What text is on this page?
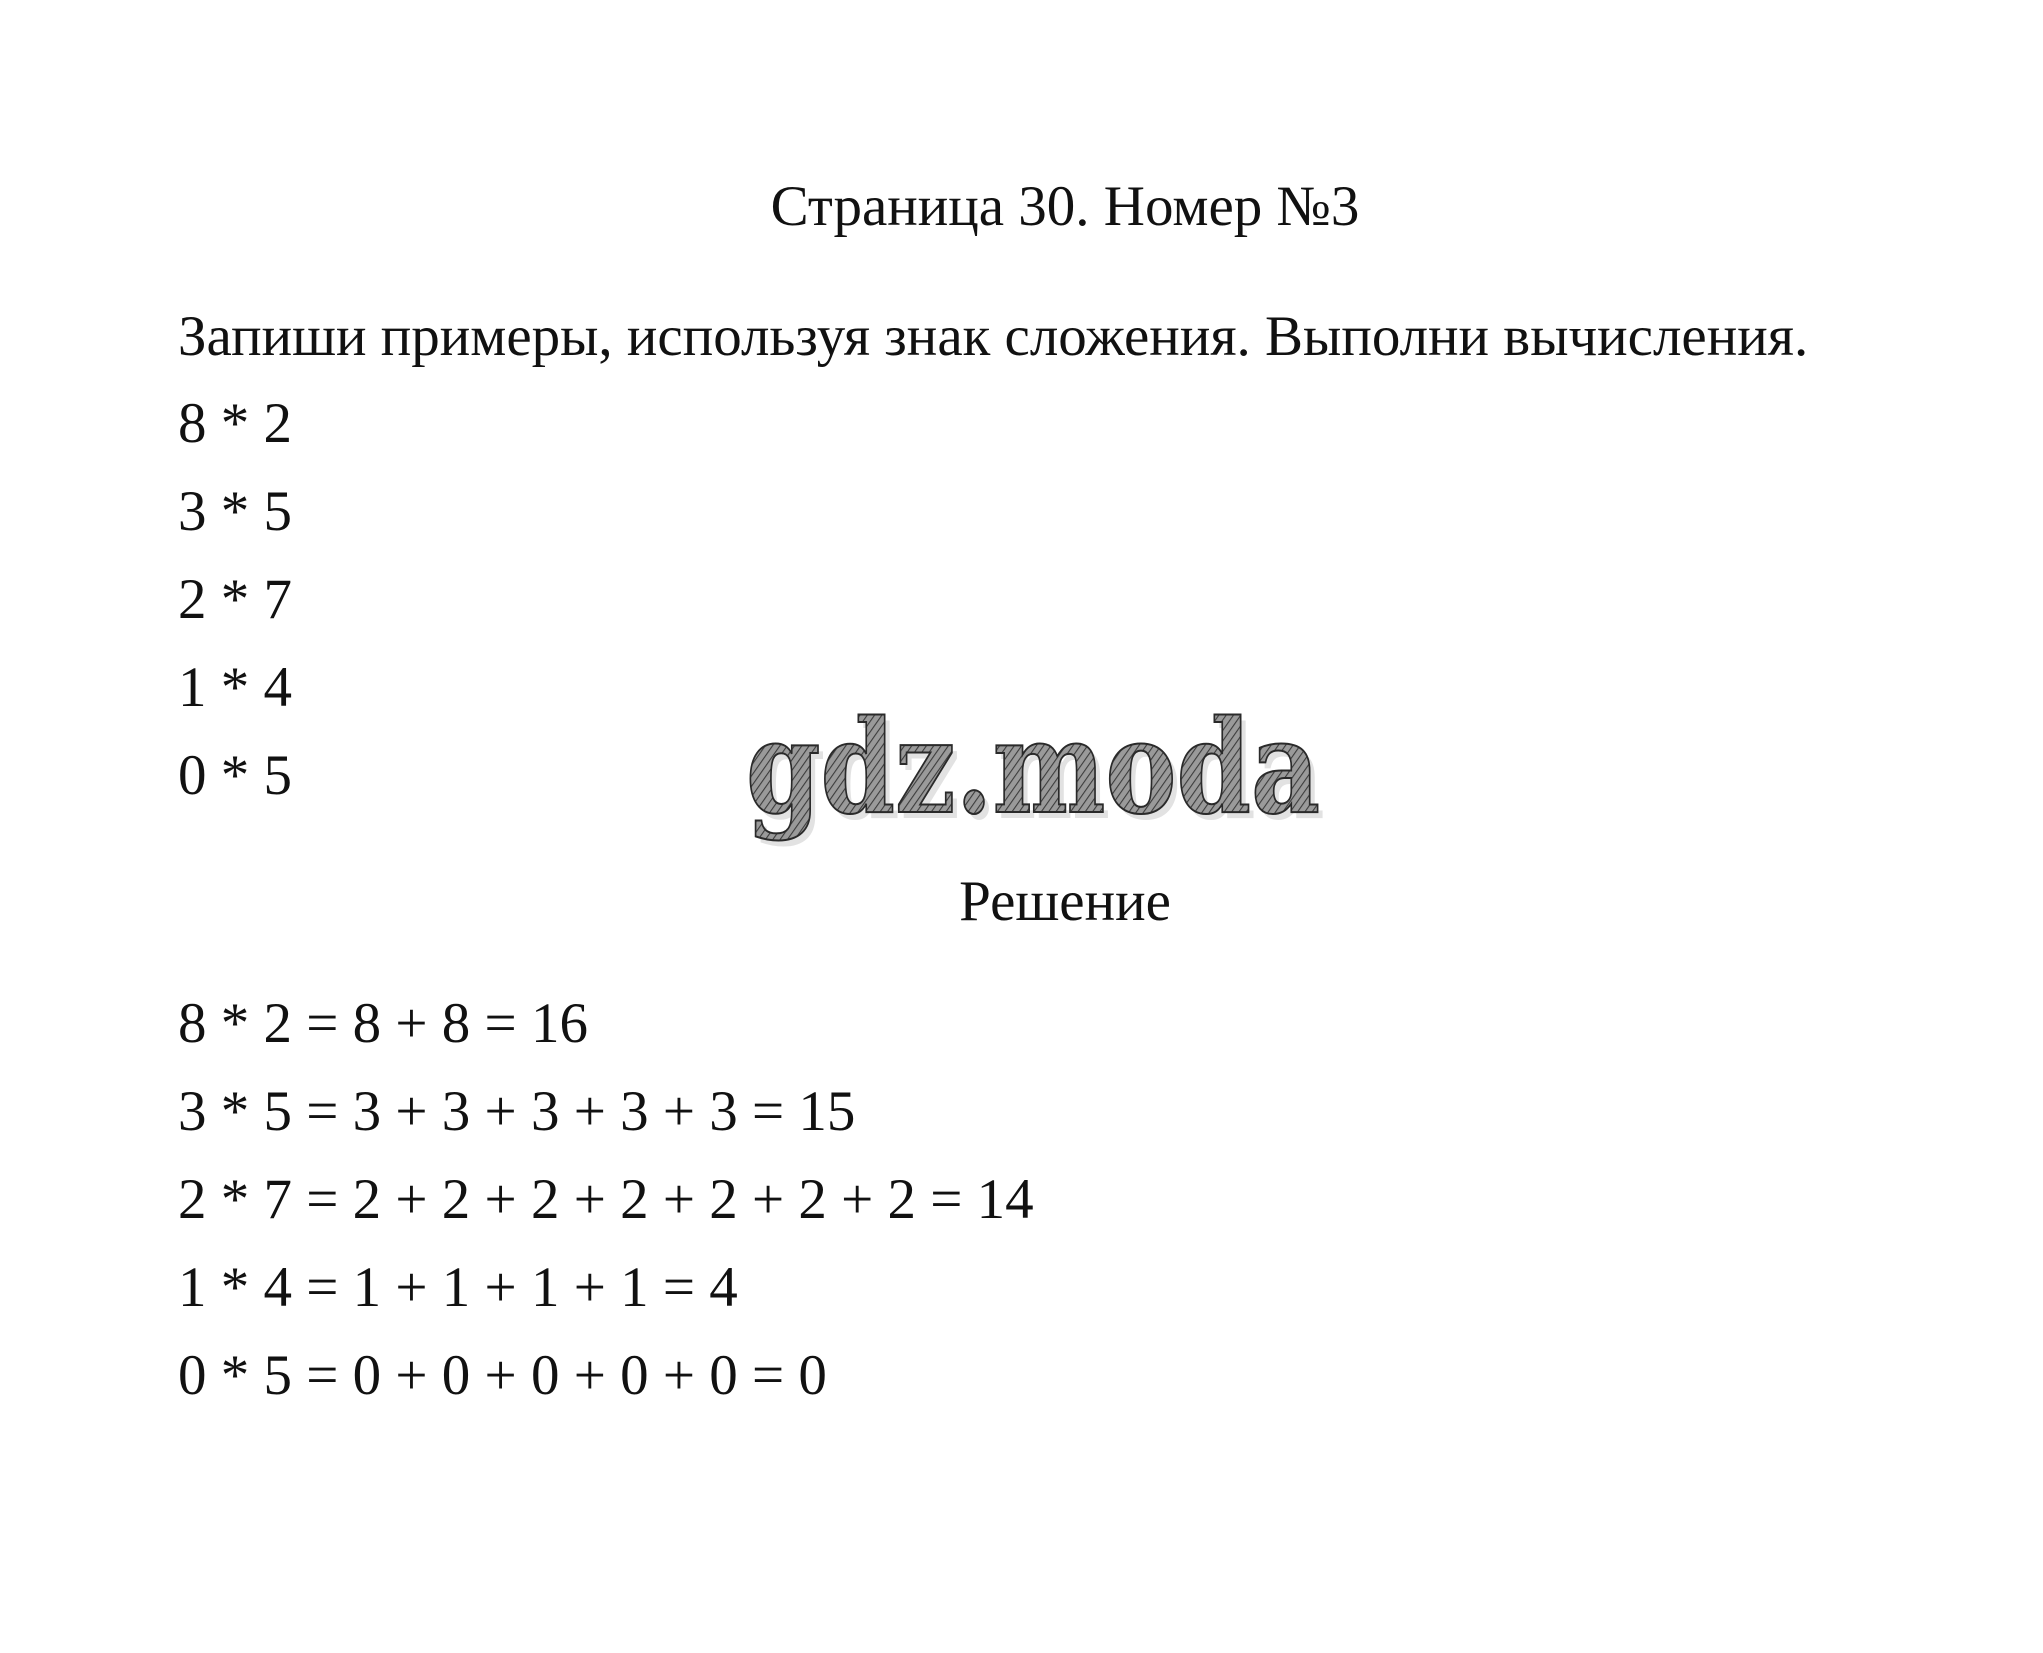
Страница 30. Номер №3
Запиши примеры, используя знак сложения. Выполни вычисления.
8 * 2
3 * 5
2 * 7
1 * 4
0 * 5	gdz.moda
gdz.moda
Решение
8 * 2 = 8 + 8 = 16
3 * 5 = 3 + 3 + 3 + 3 + 3 = 15
2 * 7 = 2 + 2 + 2 + 2 + 2 + 2 + 2 = 14
1 * 4 = 1 + 1 + 1 + 1 = 4
0 * 5 = 0 + 0 + 0 + 0 + 0 = 0
